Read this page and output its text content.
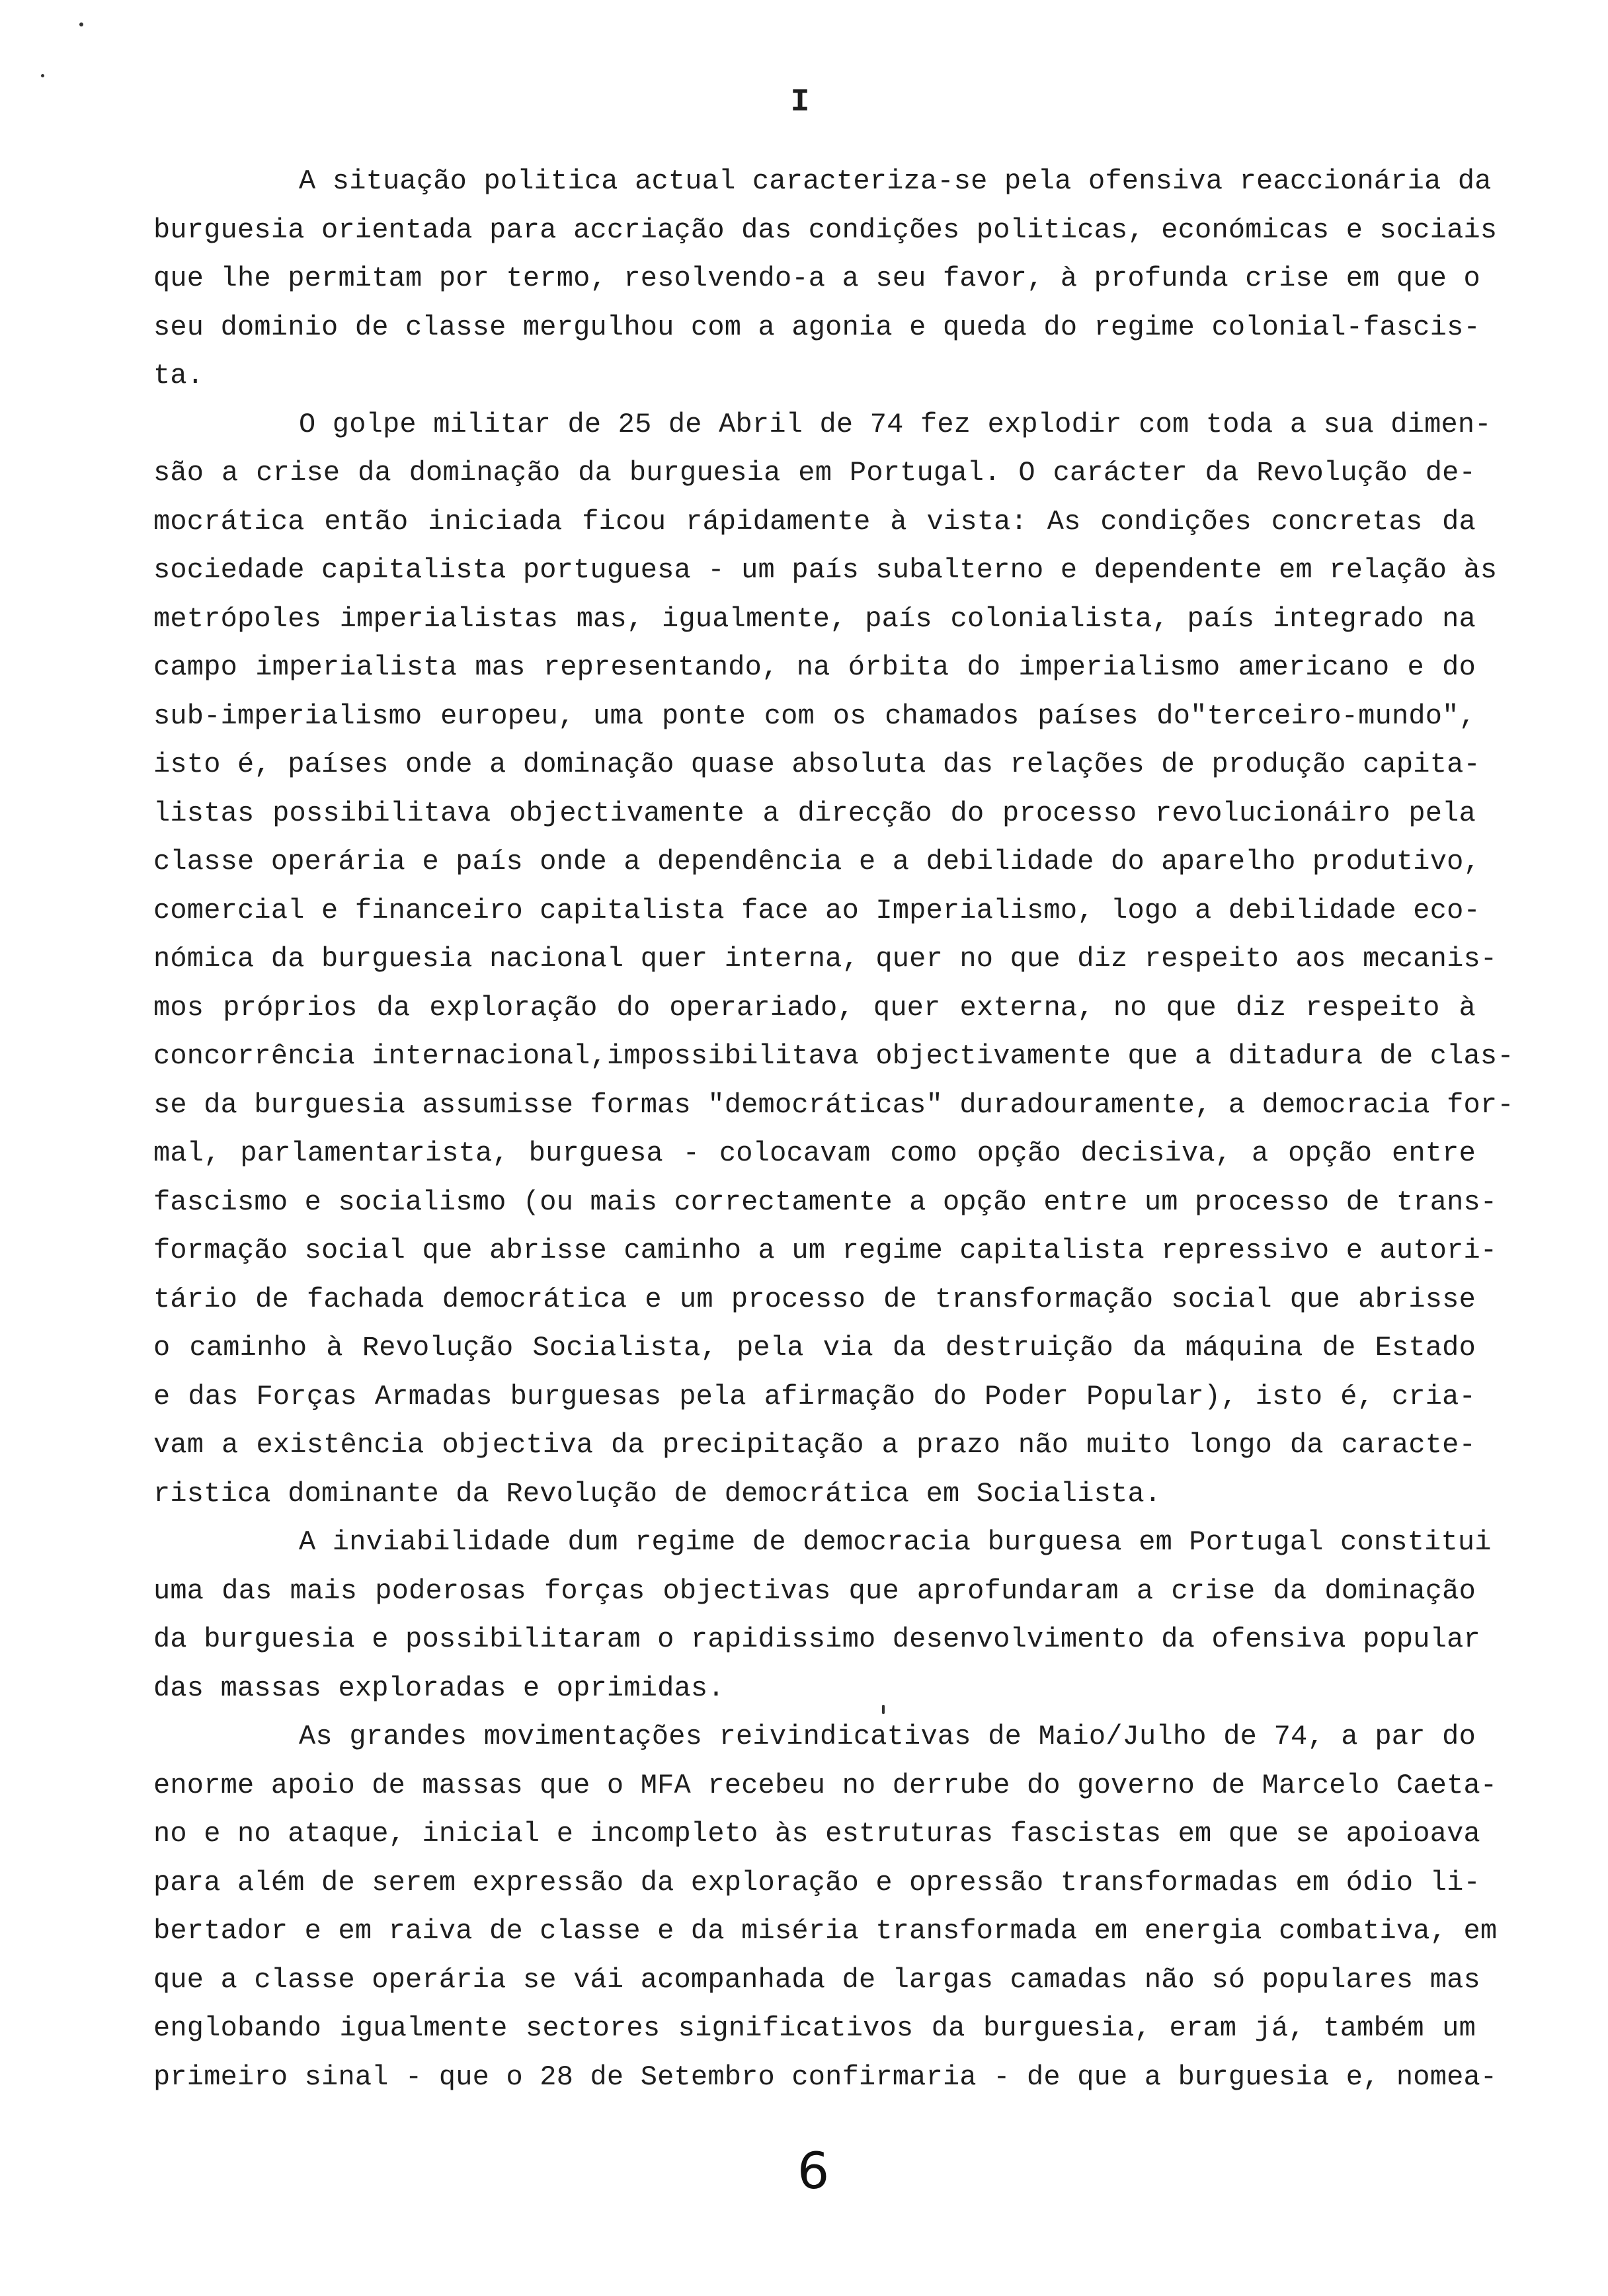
I
A situação politica actual caracteriza-se pela ofensiva reaccionária da
burguesia orientada para accriação das condições politicas, económicas e sociais
que lhe permitam por termo, resolvendo-a a seu favor, à profunda crise em que o
seu dominio de classe mergulhou com a agonia e queda do regime colonial-fascis-
ta.
O golpe militar de 25 de Abril de 74 fez explodir com toda a sua dimen-
são a crise da dominação da burguesia em Portugal. O carácter da Revolução de-
mocrática então iniciada ficou rápidamente à vista: As condições concretas da
sociedade capitalista portuguesa - um país subalterno e dependente em relação às
metrópoles imperialistas mas, igualmente, país colonialista, país integrado na
campo imperialista mas representando, na órbita do imperialismo americano e do
sub-imperialismo europeu, uma ponte com os chamados países do"terceiro-mundo",
isto é, países onde a dominação quase absoluta das relações de produção capita-
listas possibilitava objectivamente a direcção do processo revolucionáiro pela
classe operária e país onde a dependência e a debilidade do aparelho produtivo,
comercial e financeiro capitalista face ao Imperialismo, logo a debilidade eco-
nómica da burguesia nacional quer interna, quer no que diz respeito aos mecanis-
mos próprios da exploração do operariado, quer externa, no que diz respeito à
concorrência internacional,impossibilitava objectivamente que a ditadura de clas-
se da burguesia assumisse formas "democráticas" duradouramente, a democracia for-
mal, parlamentarista, burguesa - colocavam como opção decisiva, a opção entre
fascismo e socialismo (ou mais correctamente a opção entre um processo de trans-
formação social que abrisse caminho a um regime capitalista repressivo e autori-
tário de fachada democrática e um processo de transformação social que abrisse
o caminho à Revolução Socialista, pela via da destruição da máquina de Estado
e das Forças Armadas burguesas pela afirmação do Poder Popular), isto é, cria-
vam a existência objectiva da precipitação a prazo não muito longo da caracte-
ristica dominante da Revolução de democrática em Socialista.
A inviabilidade dum regime de democracia burguesa em Portugal constitui
uma das mais poderosas forças objectivas que aprofundaram a crise da dominação
da burguesia e possibilitaram o rapidissimo desenvolvimento da ofensiva popular
das massas exploradas e oprimidas.
As grandes movimentações reivindicativas de Maio/Julho de 74, a par do
enorme apoio de massas que o MFA recebeu no derrube do governo de Marcelo Caeta-
no e no ataque, inicial e incompleto às estruturas fascistas em que se apoioava
para além de serem expressão da exploração e opressão transformadas em ódio li-
bertador e em raiva de classe e da miséria transformada em energia combativa, em
que a classe operária se vái acompanhada de largas camadas não só populares mas
englobando igualmente sectores significativos da burguesia, eram já, também um
primeiro sinal - que o 28 de Setembro confirmaria - de que a burguesia e, nomea-
6
